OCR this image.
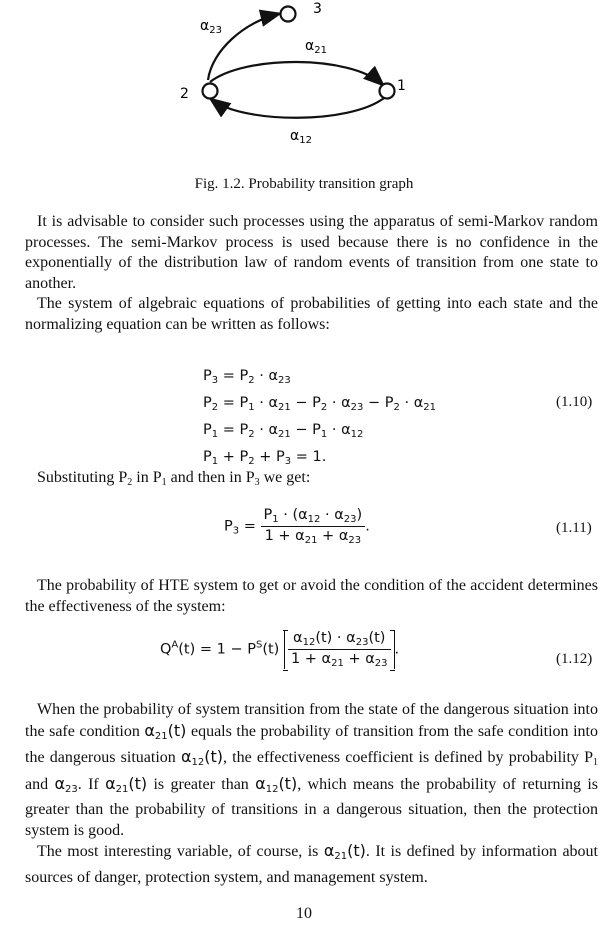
3
2	1
$\alpha_{23}$
$\alpha_{21}$
$\alpha_{12}$
Fig. 1.2. Probability transition graph

It is advisable to consider such processes using the apparatus of semi-Markov random processes. The semi-Markov process is used because there is no confidence in the exponentially of the distribution law of random events of transition from one state to another.

The system of algebraic equations of probabilities of getting into each state and the normalizing equation can be written as follows:

$P_3 = P_2 \cdot \alpha_{23}$
$P_2 = P_1 \cdot \alpha_{21} - P_2 \cdot \alpha_{23} - P_2 \cdot \alpha_{21}$
$P_1 = P_2 \cdot \alpha_{21} - P_1 \cdot \alpha_{12}$
$P_1 + P_2 + P_3 = 1$.
(1.10)

Substituting $P_2$ in $P_1$ and then in $P_3$ we get:

$P_3 = \frac{P_1 \cdot (\alpha_{12} \cdot \alpha_{23})}{1 + \alpha_{21} + \alpha_{23}}$ .	(1.11)

The probability of HTE system to get or avoid the condition of the accident determines the effectiveness of the system:

$Q^A(t) = 1 - P^S(t) \frac{\alpha_{12}(t) \cdot \alpha_{23}(t)}{1 + \alpha_{21} + \alpha_{23}}$ .
(1.12)

When the probability of system transition from the state of the dangerous situation into the safe condition $\alpha_{21}(t)$ equals the probability of transition from the safe condition into the dangerous situation $\alpha_{12}(t)$, the effectiveness coefficient is defined by probability $P_1$ and $\alpha_{23}$. If $\alpha_{21}(t)$ is greater than $\alpha_{12}(t)$, which means the probability of returning is greater than the probability of transitions in a dangerous situation, then the protection system is good.

The most interesting variable, of course, is $\alpha_{21}(t)$. It is defined by information about sources of danger, protection system, and management system.

10
